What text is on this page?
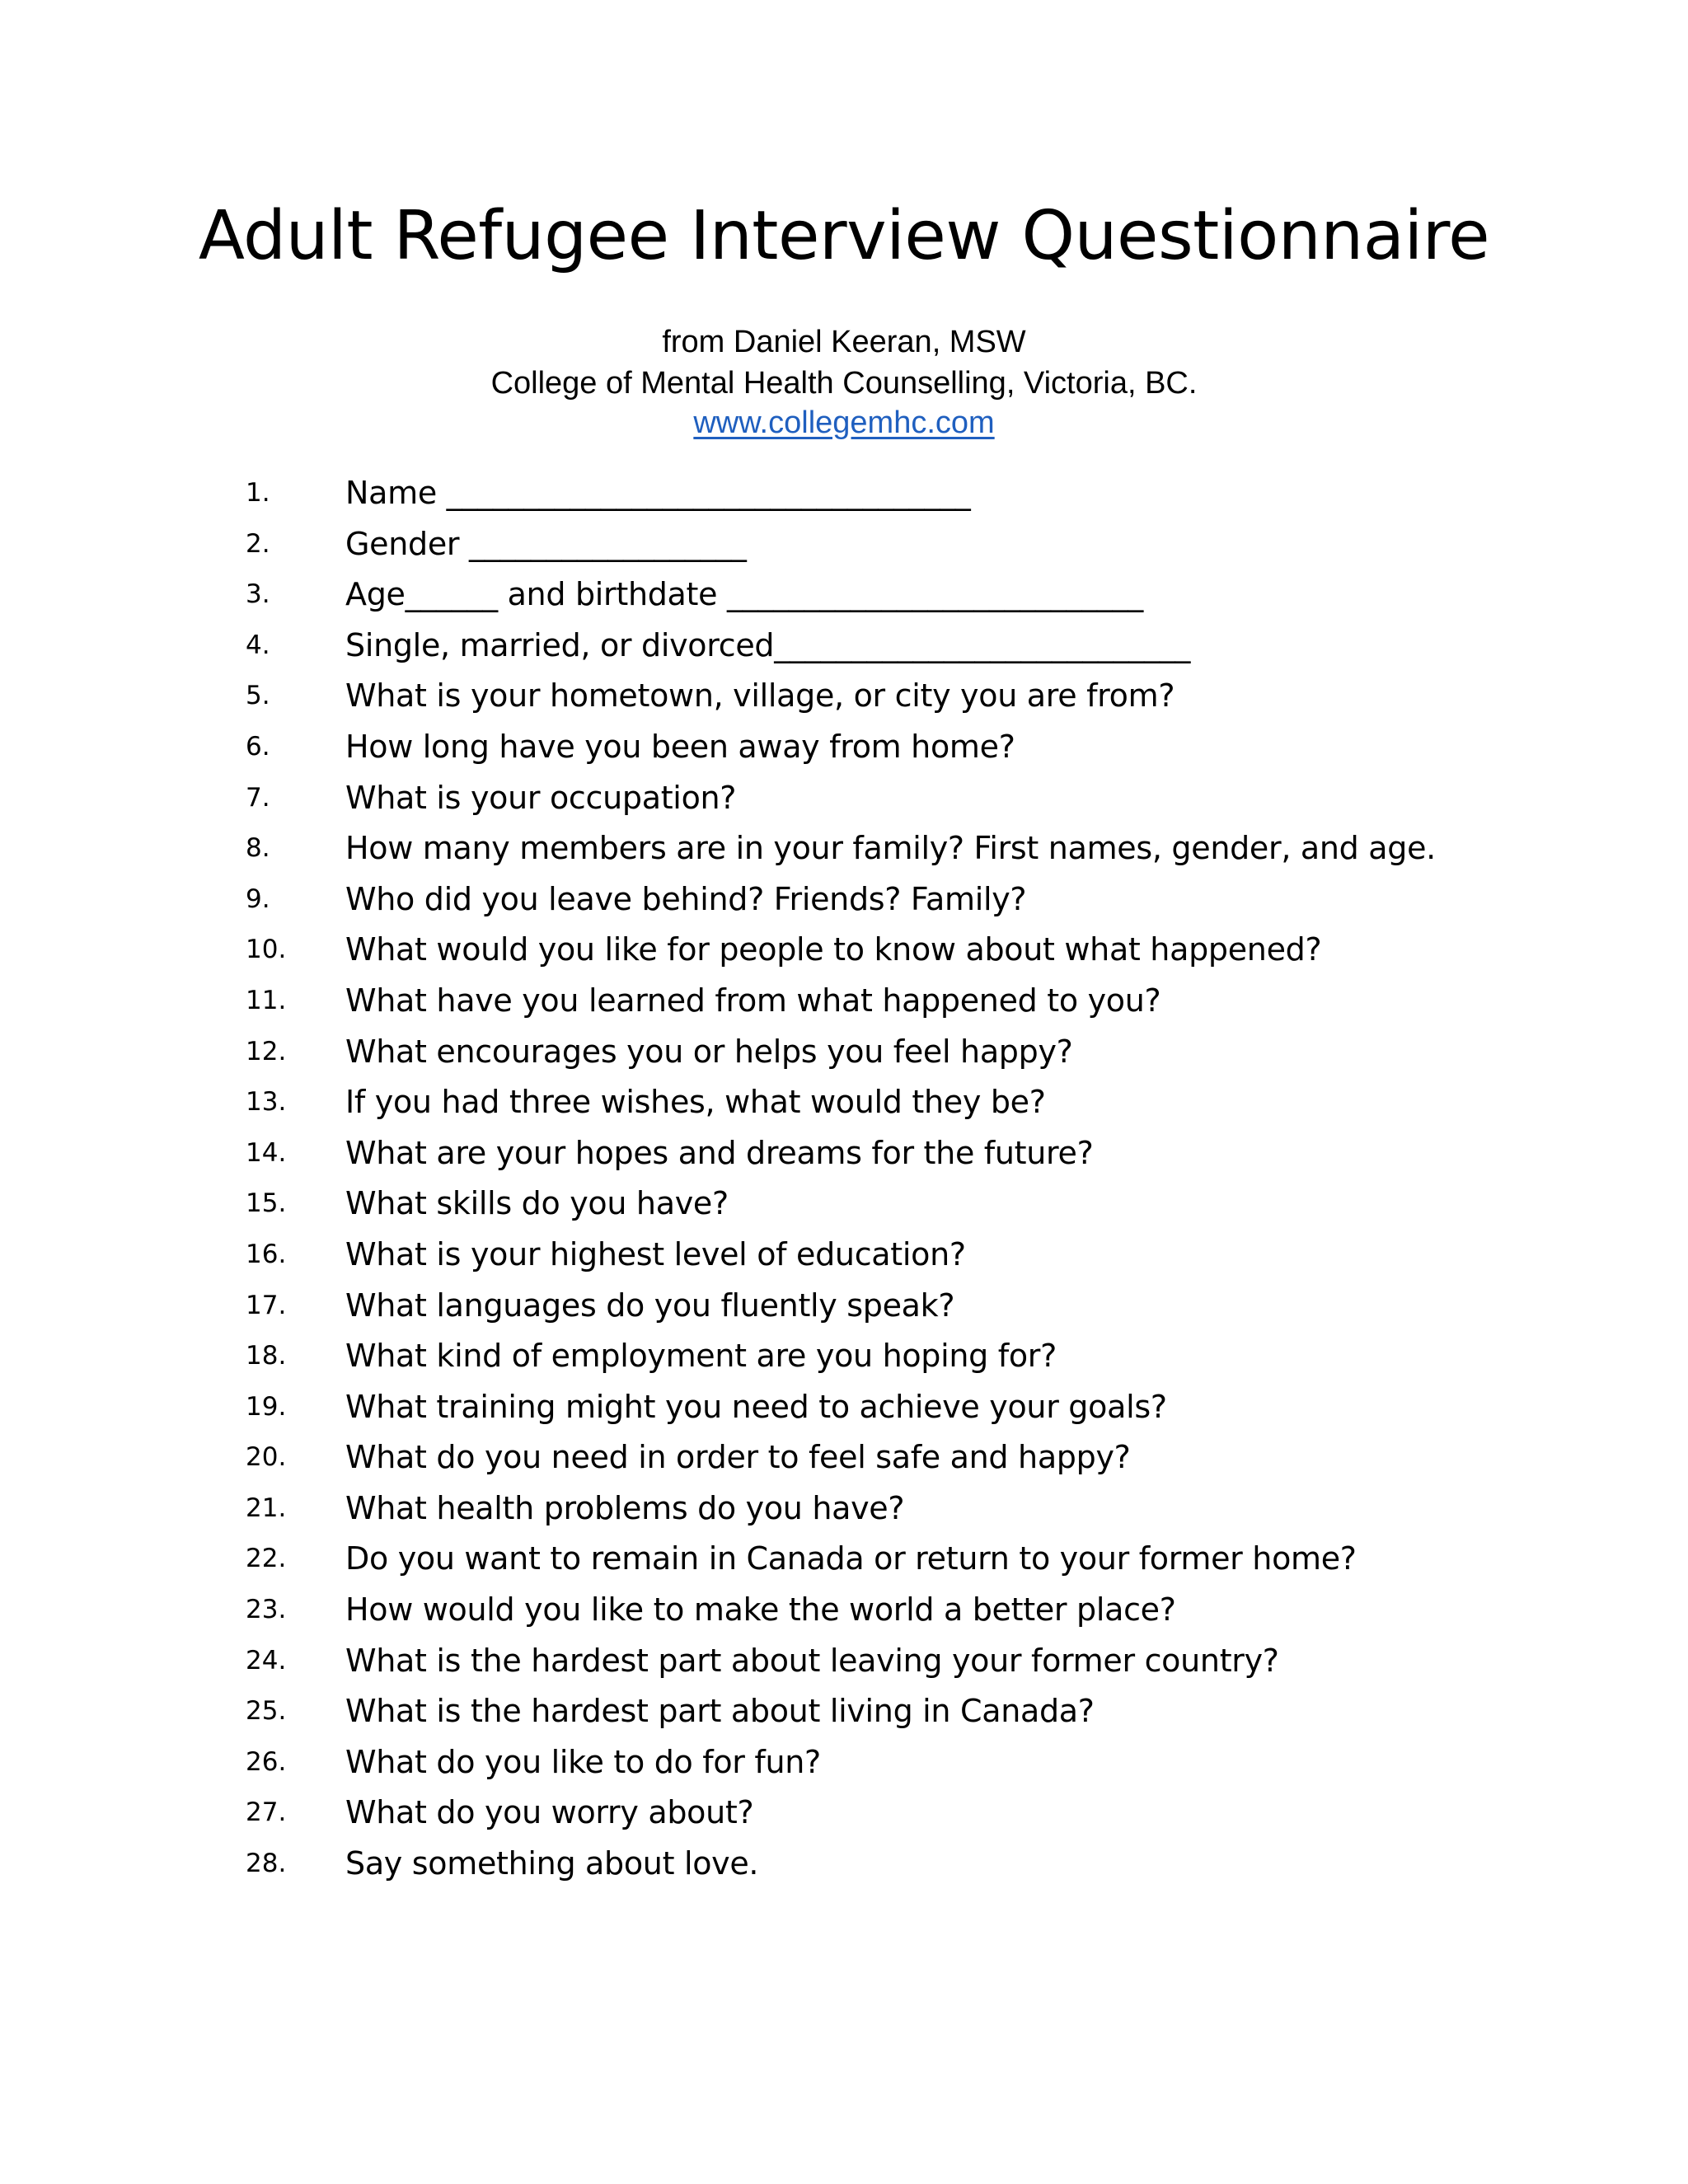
Adult Refugee Interview Questionnaire

from Daniel Keeran, MSW

College of Mental Health Counselling, Victoria, BC.

www.collegemhc.com

1. Name __________________________________
2. Gender __________________
3. Age______ and birthdate ___________________________
4. Single, married, or divorced___________________________
5. What is your hometown, village, or city you are from?
6. How long have you been away from home?
7. What is your occupation?
8. How many members are in your family? First names, gender, and age.
9. Who did you leave behind? Friends? Family?
10. What would you like for people to know about what happened?
11. What have you learned from what happened to you?
12. What encourages you or helps you feel happy?
13. If you had three wishes, what would they be?
14. What are your hopes and dreams for the future?
15. What skills do you have?
16. What is your highest level of education?
17. What languages do you fluently speak?
18. What kind of employment are you hoping for?
19. What training might you need to achieve your goals?
20. What do you need in order to feel safe and happy?
21. What health problems do you have?
22. Do you want to remain in Canada or return to your former home?
23. How would you like to make the world a better place?
24. What is the hardest part about leaving your former country?
25. What is the hardest part about living in Canada?
26. What do you like to do for fun?
27. What do you worry about?
28. Say something about love.
